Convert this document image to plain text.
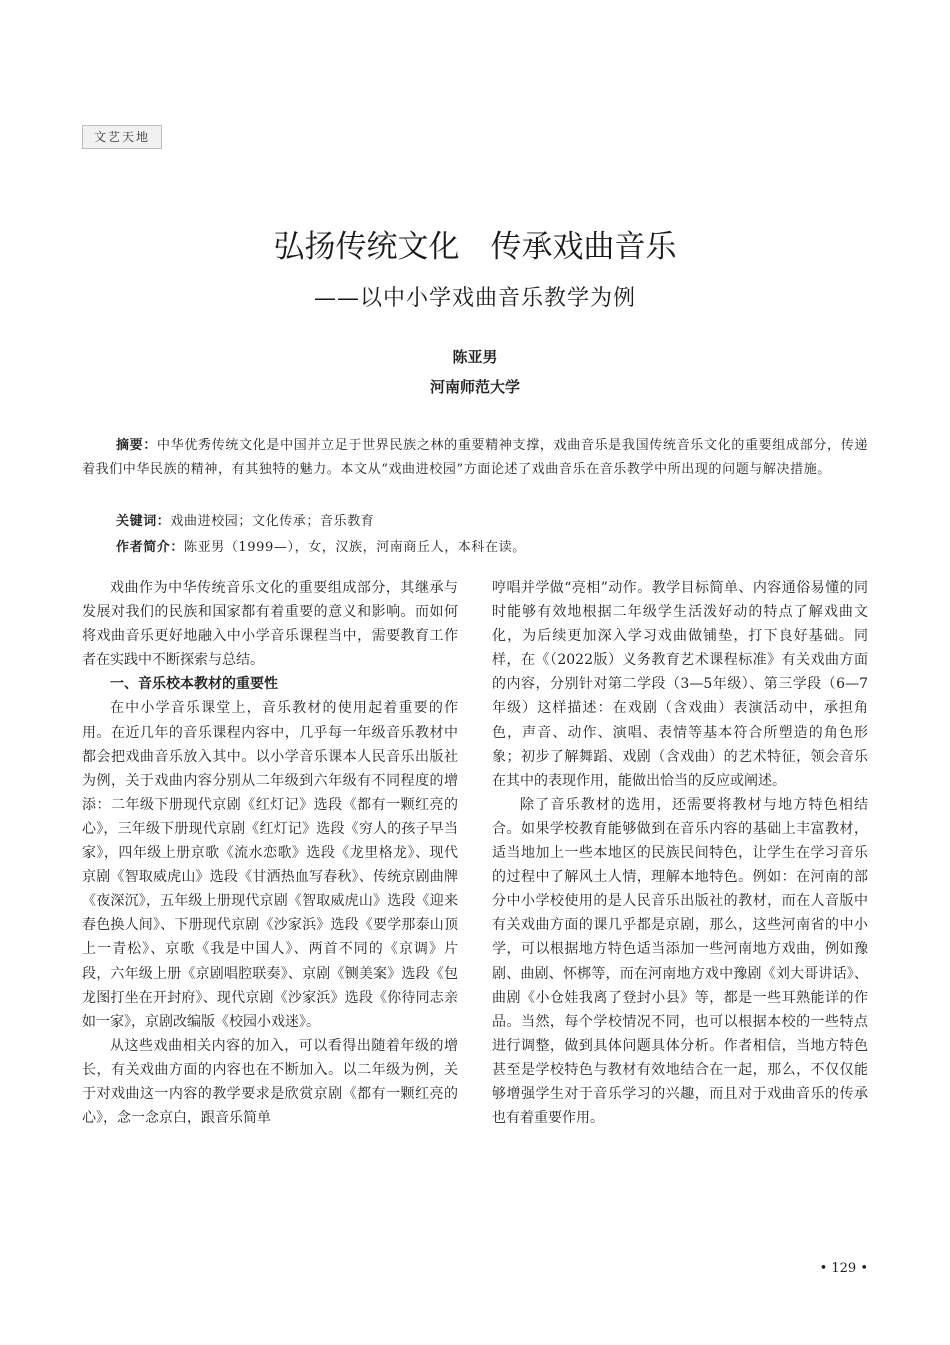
文艺天地
弘扬传统文化　传承戏曲音乐
——以中小学戏曲音乐教学为例
陈亚男
河南师范大学
摘要：中华优秀传统文化是中国并立足于世界民族之林的重要精神支撑，戏曲音乐是我国传统音乐文化的重要组成部分，传递着我们中华民族的精神，有其独特的魅力。本文从“戏曲进校园”方面论述了戏曲音乐在音乐教学中所出现的问题与解决措施。
关键词：戏曲进校园；文化传承；音乐教育
作者简介：陈亚男（1999—），女，汉族，河南商丘人，本科在读。

戏曲作为中华传统音乐文化的重要组成部分，其继承与发展对我们的民族和国家都有着重要的意义和影响。而如何将戏曲音乐更好地融入中小学音乐课程当中，需要教育工作者在实践中不断探索与总结。

一、音乐校本教材的重要性

在中小学音乐课堂上，音乐教材的使用起着重要的作用。在近几年的音乐课程内容中，几乎每一年级音乐教材中都会把戏曲音乐放入其中。以小学音乐课本人民音乐出版社为例，关于戏曲内容分别从二年级到六年级有不同程度的增添：二年级下册现代京剧《红灯记》选段《都有一颗红亮的心》，三年级下册现代京剧《红灯记》选段《穷人的孩子早当家》，四年级上册京歌《流水恋歌》选段《龙里格龙》、现代京剧《智取威虎山》选段《甘洒热血写春秋》、传统京剧曲牌《夜深沉》，五年级上册现代京剧《智取威虎山》选段《迎来春色换人间》、下册现代京剧《沙家浜》选段《要学那泰山顶上一青松》、京歌《我是中国人》、两首不同的《京调》片段，六年级上册《京剧唱腔联奏》、京剧《铡美案》选段《包龙图打坐在开封府》、现代京剧《沙家浜》选段《你待同志亲如一家》，京剧改编版《校园小戏迷》。

从这些戏曲相关内容的加入，可以看得出随着年级的增长，有关戏曲方面的内容也在不断加入。以二年级为例，关于对戏曲这一内容的教学要求是欣赏京剧《都有一颗红亮的心》，念一念京白，跟音乐简单

哼唱并学做“亮相”动作。教学目标简单、内容通俗易懂的同时能够有效地根据二年级学生活泼好动的特点了解戏曲文化，为后续更加深入学习戏曲做铺垫，打下良好基础。同样，在《（2022版）义务教育艺术课程标准》有关戏曲方面的内容，分别针对第二学段（3—5年级）、第三学段（6—7年级）这样描述：在戏剧（含戏曲）表演活动中，承担角色，声音、动作、演唱、表情等基本符合所塑造的角色形象；初步了解舞蹈、戏剧（含戏曲）的艺术特征，领会音乐在其中的表现作用，能做出恰当的反应或阐述。

除了音乐教材的选用，还需要将教材与地方特色相结合。如果学校教育能够做到在音乐内容的基础上丰富教材，适当地加上一些本地区的民族民间特色，让学生在学习音乐的过程中了解风土人情，理解本地特色。例如：在河南的部分中小学校使用的是人民音乐出版社的教材，而在人音版中有关戏曲方面的课几乎都是京剧，那么，这些河南省的中小学，可以根据地方特色适当添加一些河南地方戏曲，例如豫剧、曲剧、怀梆等，而在河南地方戏中豫剧《刘大哥讲话》、曲剧《小仓娃我离了登封小县》等，都是一些耳熟能详的作品。当然，每个学校情况不同，也可以根据本校的一些特点进行调整，做到具体问题具体分析。作者相信，当地方特色甚至是学校特色与教材有效地结合在一起，那么，不仅仅能够增强学生对于音乐学习的兴趣，而且对于戏曲音乐的传承也有着重要作用。

• 129 •
